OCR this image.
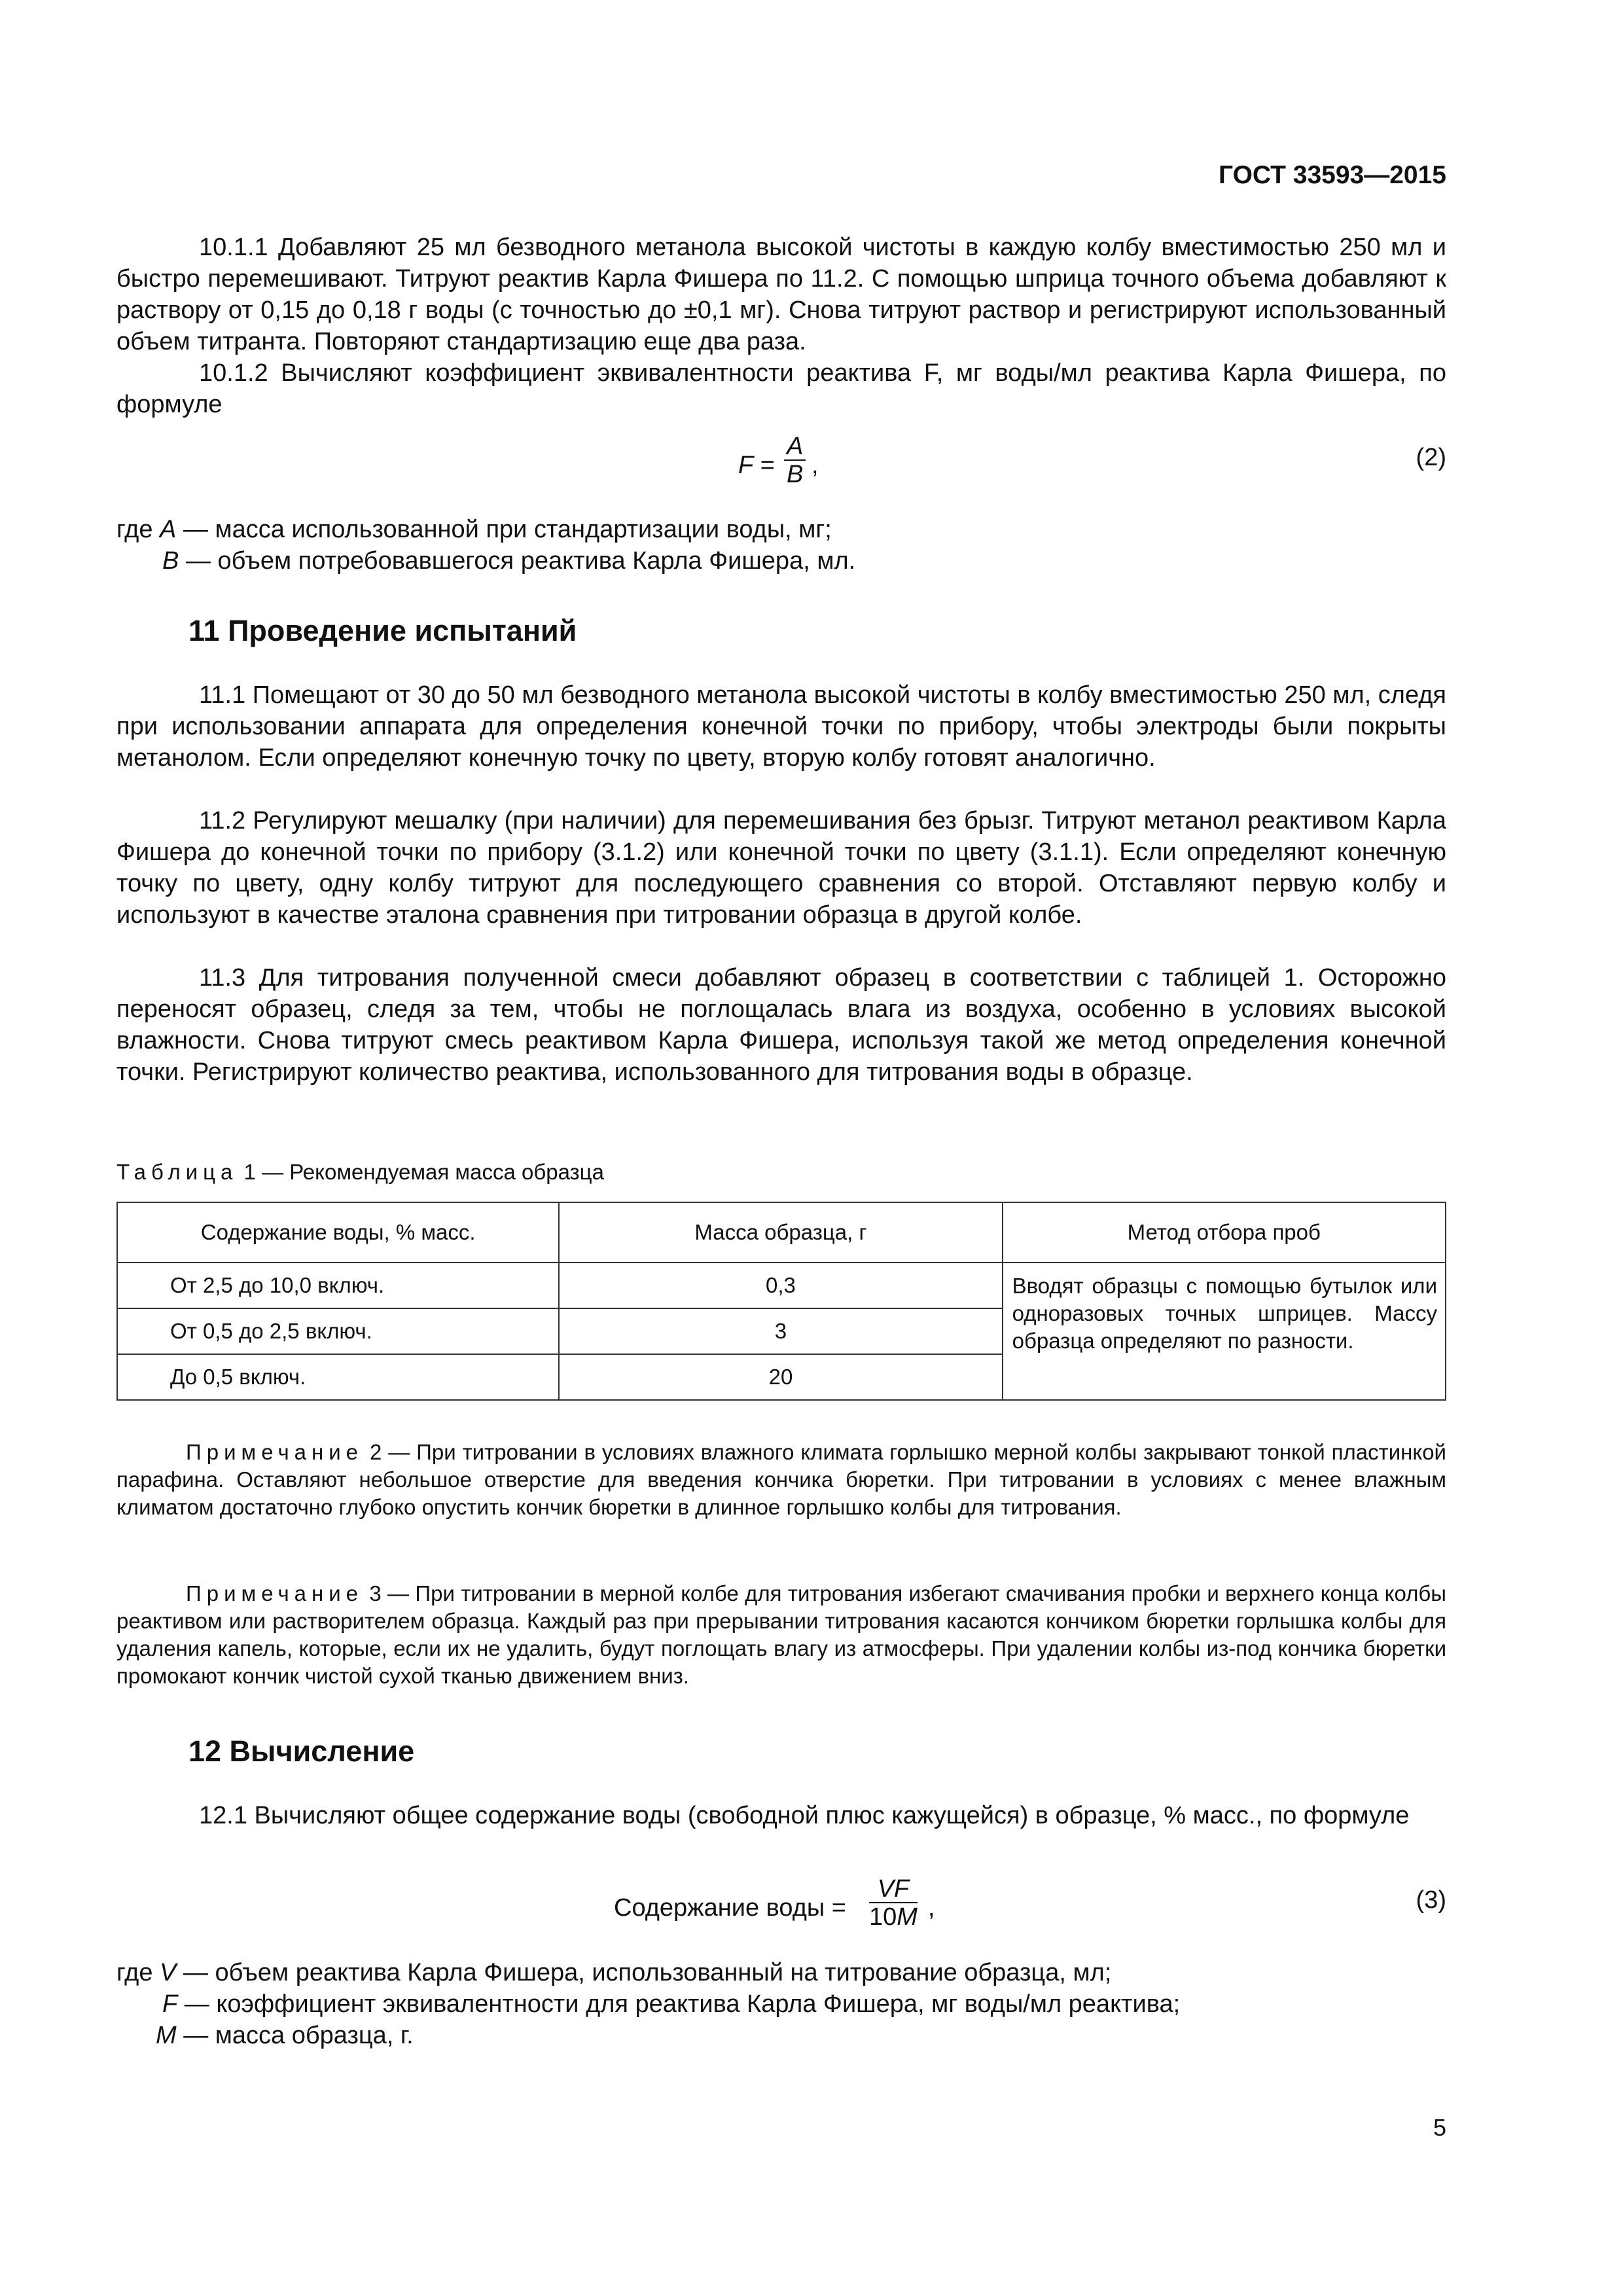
ГОСТ 33593—2015
10.1.1 Добавляют 25 мл безводного метанола высокой чистоты в каждую колбу вместимостью 250 мл и быстро перемешивают. Титруют реактив Карла Фишера по 11.2. С помощью шприца точного объема добавляют к раствору от 0,15 до 0,18 г воды (с точностью до ±0,1 мг). Снова титруют раствор и регистрируют использованный объем титранта. Повторяют стандартизацию еще два раза.
10.1.2 Вычисляют коэффициент эквивалентности реактива F, мг воды/мл реактива Карла Фишера, по формуле
$F = \frac{A}{B}$ ,	(2)
где A — масса использованной при стандартизации воды, мг;
B — объем потребовавшегося реактива Карла Фишера, мл.
11 Проведение испытаний
11.1 Помещают от 30 до 50 мл безводного метанола высокой чистоты в колбу вместимостью 250 мл, следя при использовании аппарата для определения конечной точки по прибору, чтобы электроды были покрыты метанолом. Если определяют конечную точку по цвету, вторую колбу готовят аналогично.
11.2 Регулируют мешалку (при наличии) для перемешивания без брызг. Титруют метанол реактивом Карла Фишера до конечной точки по прибору (3.1.2) или конечной точки по цвету (3.1.1). Если определяют конечную точку по цвету, одну колбу титруют для последующего сравнения со второй. Отставляют первую колбу и используют в качестве эталона сравнения при титровании образца в другой колбе.
11.3 Для титрования полученной смеси добавляют образец в соответствии с таблицей 1. Осторожно переносят образец, следя за тем, чтобы не поглощалась влага из воздуха, особенно в условиях высокой влажности. Снова титруют смесь реактивом Карла Фишера, используя такой же метод определения конечной точки. Регистрируют количество реактива, использованного для титрования воды в образце.
Таблица 1 — Рекомендуемая масса образца
Содержание воды, % масс.	Масса образца, г	Метод отбора проб
От 2,5 до 10,0 включ.	0,3	Вводят образцы с помощью бутылок или одноразовых точных шприцев. Массу образца определяют по разности.
От 0,5 до 2,5 включ.	3	
До 0,5 включ.	20	
Примечание 2 — При титровании в условиях влажного климата горлышко мерной колбы закрывают тонкой пластинкой парафина. Оставляют небольшое отверстие для введения кончика бюретки. При титровании в условиях с менее влажным климатом достаточно глубоко опустить кончик бюретки в длинное горлышко колбы для титрования.
Примечание 3 — При титровании в мерной колбе для титрования избегают смачивания пробки и верхнего конца колбы реактивом или растворителем образца. Каждый раз при прерывании титрования касаются кончиком бюретки горлышка колбы для удаления капель, которые, если их не удалить, будут поглощать влагу из атмосферы. При удалении колбы из-под кончика бюретки промокают кончик чистой сухой тканью движением вниз.
12 Вычисление
12.1 Вычисляют общее содержание воды (свободной плюс кажущейся) в образце, % масс., по формуле
Содержание воды = $\frac{VF}{10M}$ ,	(3)
где V — объем реактива Карла Фишера, использованный на титрование образца, мл;
F — коэффициент эквивалентности для реактива Карла Фишера, мг воды/мл реактива;
M — масса образца, г.
5
